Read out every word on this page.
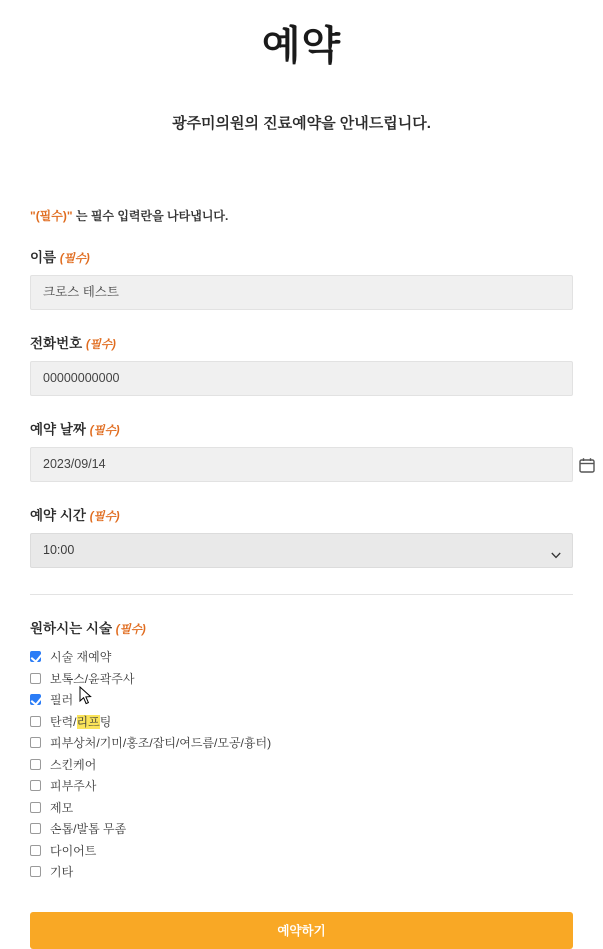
예약
광주미의원의 진료예약을 안내드립니다.
"(필수)" 는 필수 입력란을 나타냅니다.
이름 (필수)
크로스 테스트
전화번호 (필수)
00000000000
예약 날짜 (필수)
2023/09/14
예약 시간 (필수)
10:00
원하시는 시술 (필수)
시술 재예약
보톡스/윤곽주사
필러
탄력/리프팅
피부상처/기미/홍조/잡티/여드름/모공/흉터)
스킨케어
피부주사
제모
손톱/발톱 무좀
다이어트
기타
예약하기
